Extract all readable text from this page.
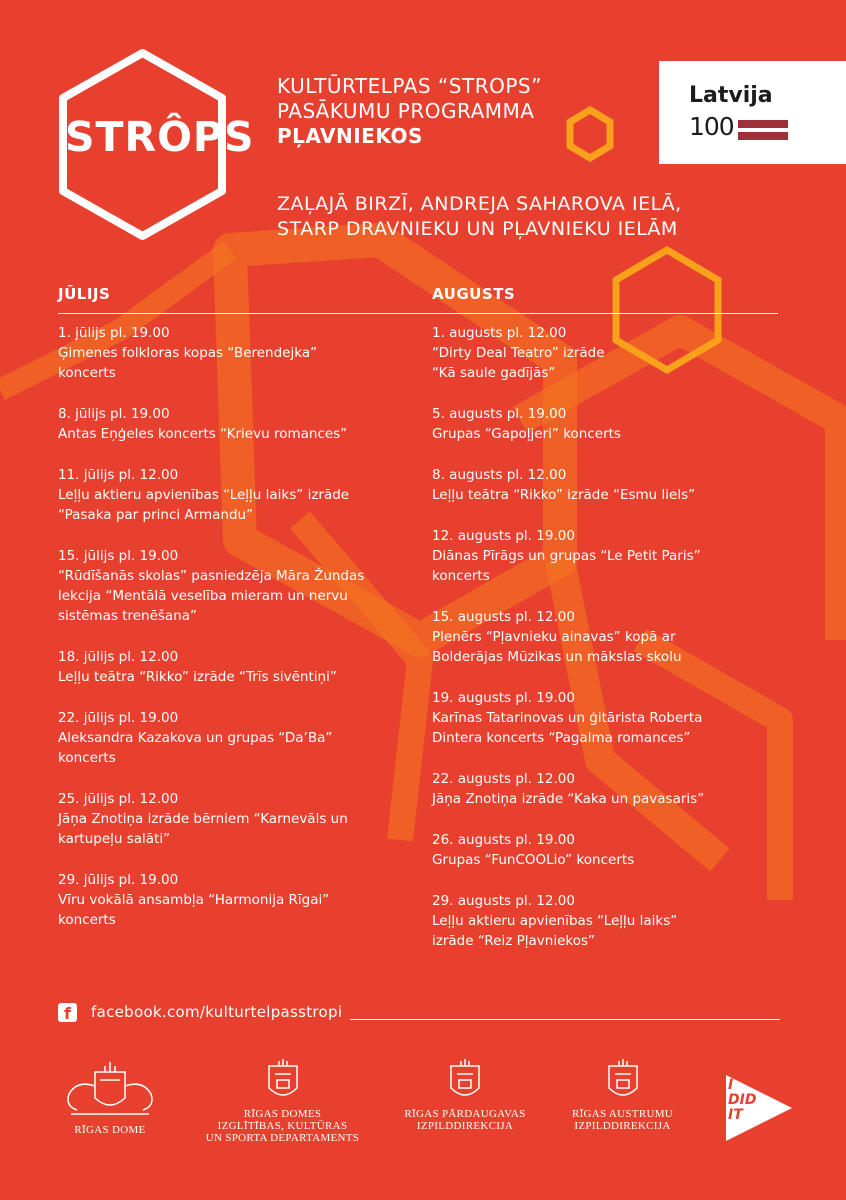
STRÔPS
KULTŪRTELPAS “STROPS”
PASĀKUMU PROGRAMMA
PĻAVNIEKOS
ZAĻAJĀ BIRZĪ, ANDREJA SAHAROVA IELĀ,
STARP DRAVNIEKU UN PĻAVNIEKU IELĀM
Latvija
100
JŪLIJS	AUGUSTS
1. jūlijs pl. 19.00
Ģimenes folkloras kopas “Berendejka”
koncerts
8. jūlijs pl. 19.00
Antas Eņģeles koncerts “Krievu romances”
11. jūlijs pl. 12.00
Leļļu aktieru apvienības “Leļļu laiks” izrāde
“Pasaka par princi Armandu”
15. jūlijs pl. 19.00
“Rūdīšanās skolas” pasniedzēja Māra Žundas
lekcija “Mentālā veselība mieram un nervu
sistēmas trenēšana”
18. jūlijs pl. 12.00
Leļļu teātra “Rikko” izrāde “Trīs sivēntiņi”
22. jūlijs pl. 19.00
Aleksandra Kazakova un grupas “Da’Ba”
koncerts
25. jūlijs pl. 12.00
Jāņa Znotiņa izrāde bērniem “Karnevāls un
kartupeļu salāti”
29. jūlijs pl. 19.00
Vīru vokālā ansambļa “Harmonija Rīgai”
koncerts
1. augusts pl. 12.00
“Dirty Deal Teatro” izrāde
“Kā saule gadījās”
5. augusts pl. 19.00
Grupas “Gapoļjeri” koncerts
8. augusts pl. 12.00
Leļļu teātra “Rikko” izrāde “Esmu liels”
12. augusts pl. 19.00
Diānas Pīrāgs un grupas “Le Petit Paris”
koncerts
15. augusts pl. 12.00
Plenērs “Pļavnieku ainavas” kopā ar
Bolderājas Mūzikas un mākslas skolu
19. augusts pl. 19.00
Karīnas Tatarinovas un ģitārista Roberta
Dintera koncerts “Pagalma romances”
22. augusts pl. 12.00
Jāņa Znotiņa izrāde “Kaka un pavasaris”
26. augusts pl. 19.00
Grupas “FunCOOLio” koncerts
29. augusts pl. 12.00
Leļļu aktieru apvienības “Leļļu laiks”
izrāde “Reiz Pļavniekos”
f	facebook.com/kulturtelpasstropi
RĪGAS DOME
RĪGAS DOMES
IZGLĪTĪBAS, KULTŪRAS
UN SPORTA DEPARTAMENTS
RĪGAS PĀRDAUGAVAS
IZPILDDIREKCIJA
RĪGAS AUSTRUMU
IZPILDDIREKCIJA
I
DID
IT
